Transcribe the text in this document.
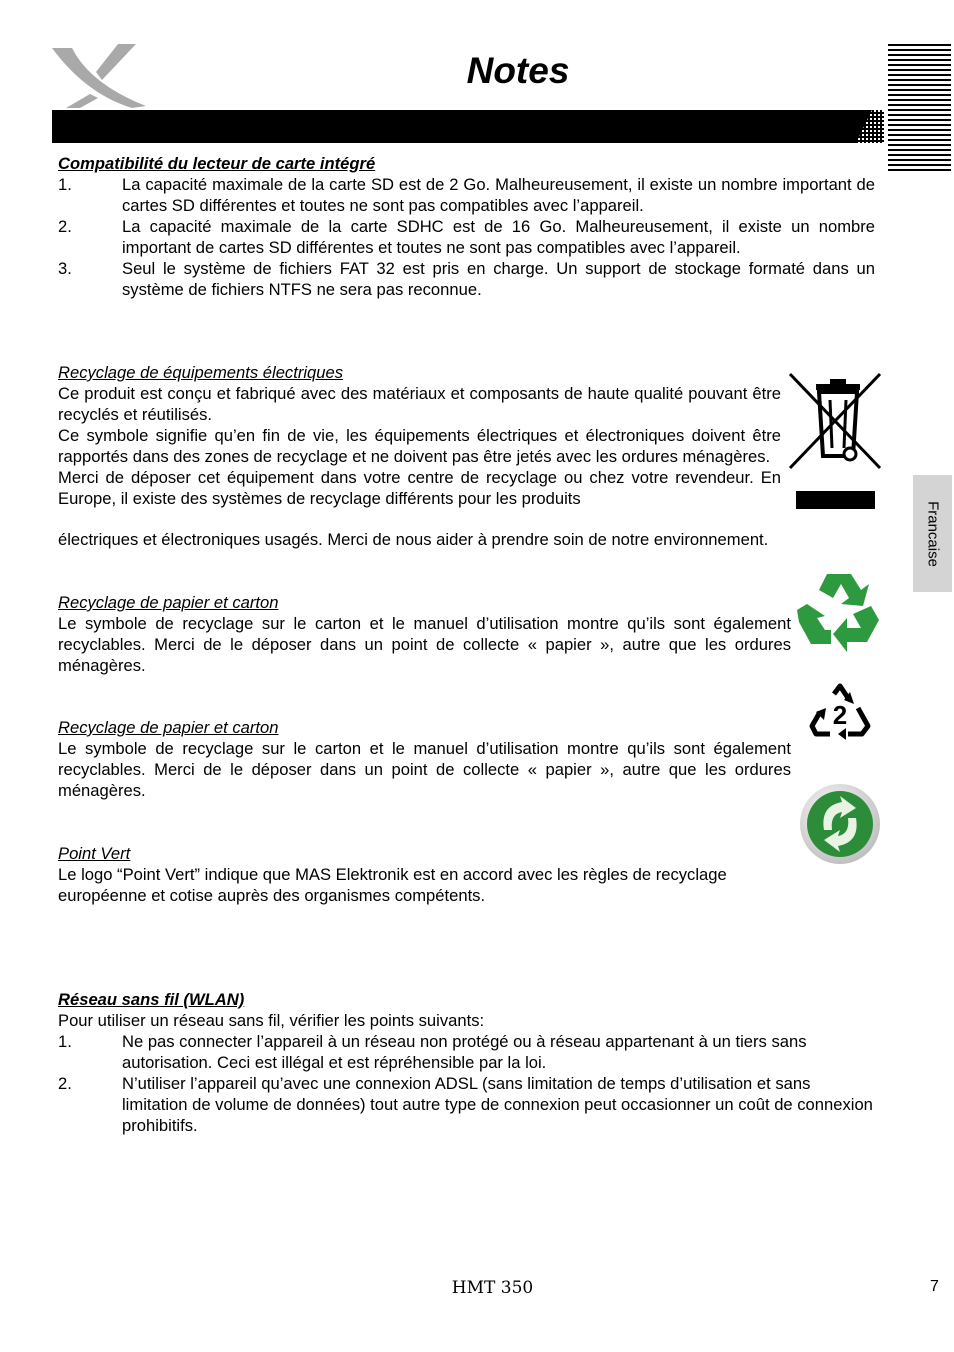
Notes
Francaise
Compatibilité du lecteur de carte intégré
1.	La capacité maximale de la carte SD est de 2 Go. Malheureusement, il existe un nombre important de cartes SD différentes et toutes ne sont pas compatibles avec l’appareil.
2.	La capacité maximale de la carte SDHC est de 16 Go. Malheureusement, il existe un nombre important de cartes SD différentes et toutes ne sont pas compatibles avec l’appareil.
3.	Seul le système de fichiers FAT 32 est pris en charge. Un support de stockage formaté dans un système de fichiers NTFS ne sera pas reconnue.
Recyclage de équipements électriques
Ce produit est conçu et fabriqué avec des matériaux et composants de haute qualité pouvant être recyclés et réutilisés.
Ce symbole signifie qu’en fin de vie, les équipements électriques et électroniques doivent être rapportés dans des zones de recyclage et ne doivent pas être jetés avec les ordures ménagères.
Merci de déposer cet équipement dans votre centre de recyclage ou chez votre revendeur. En Europe, il existe des systèmes de recyclage différents pour les produits
électriques et électroniques usagés. Merci de nous aider à prendre soin de notre environnement.
Recyclage de papier et carton
Le symbole de recyclage sur le carton et le manuel d’utilisation montre qu’ils sont également recyclables. Merci de le déposer dans un point de collecte « papier », autre que les ordures ménagères.
Recyclage de papier et carton
Le symbole de recyclage sur le carton et le manuel d’utilisation montre qu’ils sont également recyclables. Merci de le déposer dans un point de collecte « papier », autre que les ordures ménagères.
2
Point Vert
Le logo “Point Vert” indique que MAS Elektronik est en accord avec les règles de recyclage européenne et cotise auprès des organismes compétents.
Réseau sans fil (WLAN)
Pour utiliser un réseau sans fil, vérifier les points suivants:
1.	Ne pas connecter l’appareil à un réseau non protégé ou à réseau appartenant à un tiers sans autorisation. Ceci est illégal et est répréhensible par la loi.
2.	N’utiliser l’appareil qu’avec une connexion ADSL (sans limitation de temps d’utilisation et sans limitation de volume de données) tout autre type de connexion peut occasionner un coût de connexion prohibitifs.
HMT 350	7
